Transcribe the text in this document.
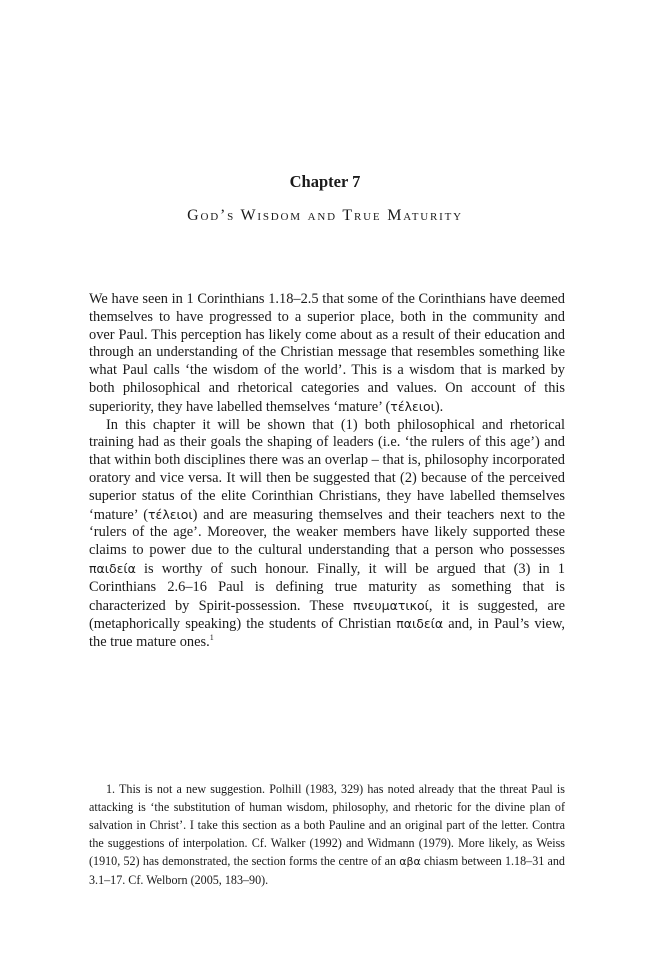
Chapter 7
God’s Wisdom and True Maturity

We have seen in 1 Corinthians 1.18–2.5 that some of the Corinthians have deemed themselves to have progressed to a superior place, both in the community and over Paul. This perception has likely come about as a result of their education and through an understanding of the Christian message that resembles something like what Paul calls ‘the wisdom of the world’. This is a wisdom that is marked by both philosophical and rhetorical categories and values. On account of this superiority, they have labelled themselves ‘mature’ (τέλειοι).

In this chapter it will be shown that (1) both philosophical and rhetorical training had as their goals the shaping of leaders (i.e. ‘the rulers of this age’) and that within both disciplines there was an overlap – that is, philosophy incorporated oratory and vice versa. It will then be suggested that (2) because of the perceived superior status of the elite Corinthian Christians, they have labelled themselves ‘mature’ (τέλειοι) and are measuring themselves and their teachers next to the ‘rulers of the age’. Moreover, the weaker members have likely supported these claims to power due to the cultural understanding that a person who possesses παιδεία is worthy of such honour. Finally, it will be argued that (3) in 1 Corinthians 2.6–16 Paul is defining true maturity as something that is characterized by Spirit-possession. These πνευματικοί, it is suggested, are (metaphorically speaking) the students of Christian παιδεία and, in Paul’s view, the true mature ones.$^1$

1. This is not a new suggestion. Polhill (1983, 329) has noted already that the threat Paul is attacking is ‘the substitution of human wisdom, philosophy, and rhetoric for the divine plan of salvation in Christ’. I take this section as a both Pauline and an original part of the letter. Contra the suggestions of interpolation. Cf. Walker (1992) and Widmann (1979). More likely, as Weiss (1910, 52) has demonstrated, the section forms the centre of an αβα chiasm between 1.18–31 and 3.1–17. Cf. Welborn (2005, 183–90).
